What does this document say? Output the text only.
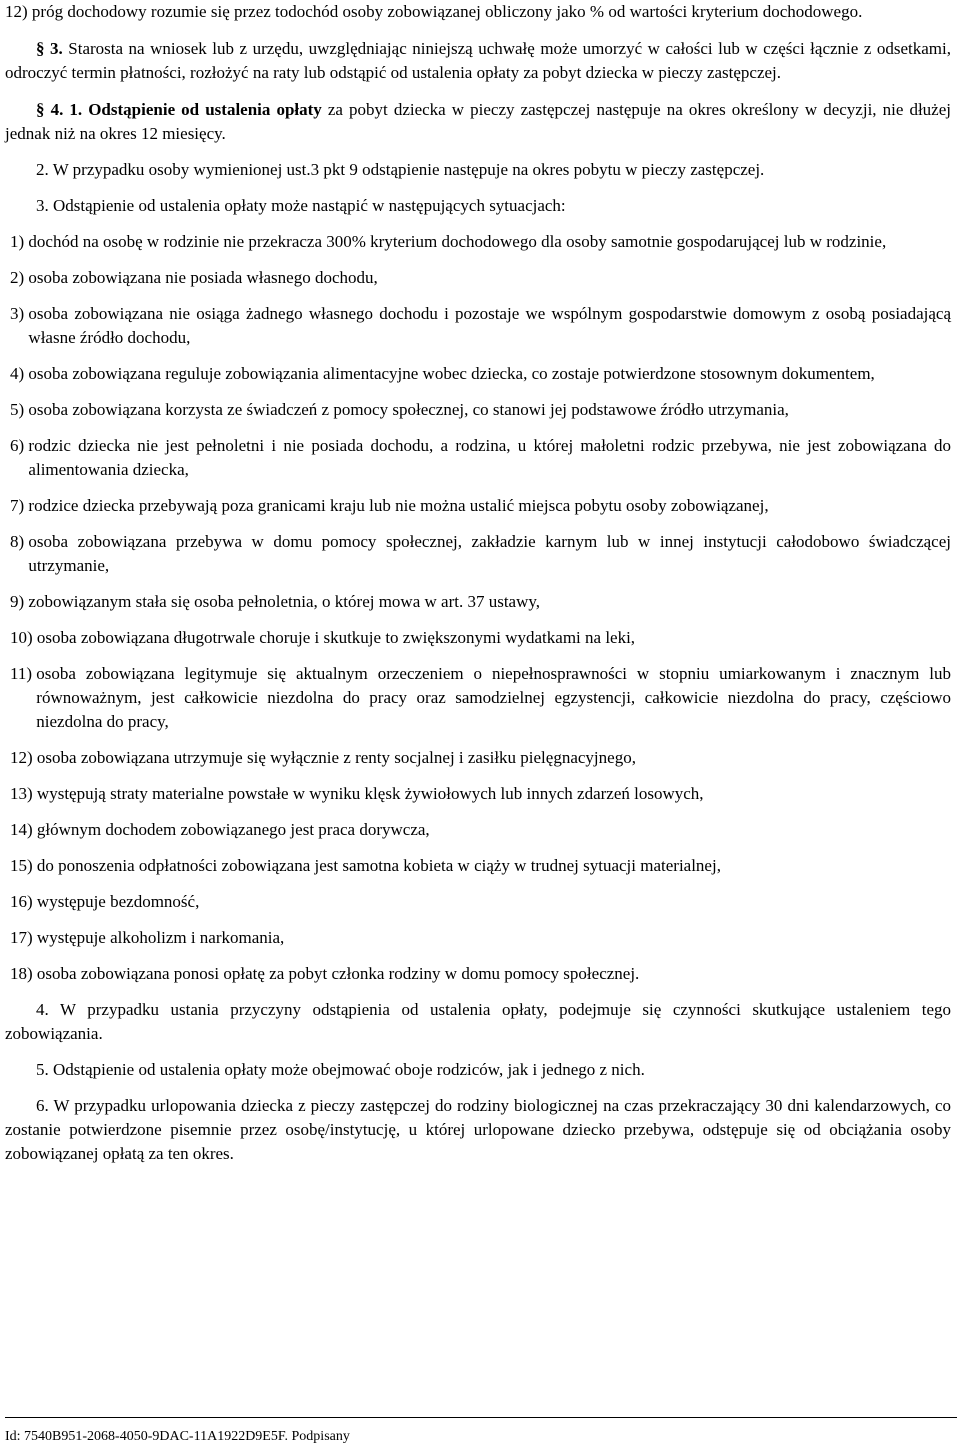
12) próg dochodowy rozumie się przez todochód osoby zobowiązanej obliczony jako % od wartości kryterium dochodowego.

§ 3. Starosta na wniosek lub z urzędu, uwzględniając niniejszą uchwałę może umorzyć w całości lub w części łącznie z odsetkami, odroczyć termin płatności, rozłożyć na raty lub odstąpić od ustalenia opłaty za pobyt dziecka w pieczy zastępczej.

§ 4. 1. Odstąpienie od ustalenia opłaty za pobyt dziecka w pieczy zastępczej następuje na okres określony w decyzji, nie dłużej jednak niż na okres 12 miesięcy.

2. W przypadku osoby wymienionej ust.3 pkt 9 odstąpienie następuje na okres pobytu w pieczy zastępczej.

3. Odstąpienie od ustalenia opłaty może nastąpić w następujących sytuacjach:

1) dochód na osobę w rodzinie nie przekracza 300% kryterium dochodowego dla osoby samotnie gospodarującej lub w rodzinie,
2) osoba zobowiązana nie posiada własnego dochodu,
3) osoba zobowiązana nie osiąga żadnego własnego dochodu i pozostaje we wspólnym gospodarstwie domowym z osobą posiadającą własne źródło dochodu,
4) osoba zobowiązana reguluje zobowiązania alimentacyjne wobec dziecka, co zostaje potwierdzone stosownym dokumentem,
5) osoba zobowiązana korzysta ze świadczeń z pomocy społecznej, co stanowi jej podstawowe źródło utrzymania,
6) rodzic dziecka nie jest pełnoletni i nie posiada dochodu, a rodzina, u której małoletni rodzic przebywa, nie jest zobowiązana do alimentowania dziecka,
7) rodzice dziecka przebywają poza granicami kraju lub nie można ustalić miejsca pobytu osoby zobowiązanej,
8) osoba zobowiązana przebywa w domu pomocy społecznej, zakładzie karnym lub w innej instytucji całodobowo świadczącej utrzymanie,
9) zobowiązanym stała się osoba pełnoletnia, o której mowa w art. 37 ustawy,
10) osoba zobowiązana długotrwale choruje i skutkuje to zwiększonymi wydatkami na leki,
11) osoba zobowiązana legitymuje się aktualnym orzeczeniem o niepełnosprawności w stopniu umiarkowanym i znacznym lub równoważnym, jest całkowicie niezdolna do pracy oraz samodzielnej egzystencji, całkowicie niezdolna do pracy, częściowo niezdolna do pracy,
12) osoba zobowiązana utrzymuje się wyłącznie z renty socjalnej i zasiłku pielęgnacyjnego,
13) występują straty materialne powstałe w wyniku klęsk żywiołowych lub innych zdarzeń losowych,
14) głównym dochodem zobowiązanego jest praca dorywcza,
15) do ponoszenia odpłatności zobowiązana jest samotna kobieta w ciąży w trudnej sytuacji materialnej,
16) występuje bezdomność,
17) występuje alkoholizm i narkomania,
18) osoba zobowiązana ponosi opłatę za pobyt członka rodziny w domu pomocy społecznej.

4. W przypadku ustania przyczyny odstąpienia od ustalenia opłaty, podejmuje się czynności skutkujące ustaleniem tego zobowiązania.

5. Odstąpienie od ustalenia opłaty może obejmować oboje rodziców, jak i jednego z nich.

6. W przypadku urlopowania dziecka z pieczy zastępczej do rodziny biologicznej na czas przekraczający 30 dni kalendarzowych, co zostanie potwierdzone pisemnie przez osobę/instytucję, u której urlopowane dziecko przebywa, odstępuje się od obciążania osoby zobowiązanej opłatą za ten okres.

Id: 7540B951-2068-4050-9DAC-11A1922D9E5F. Podpisany
